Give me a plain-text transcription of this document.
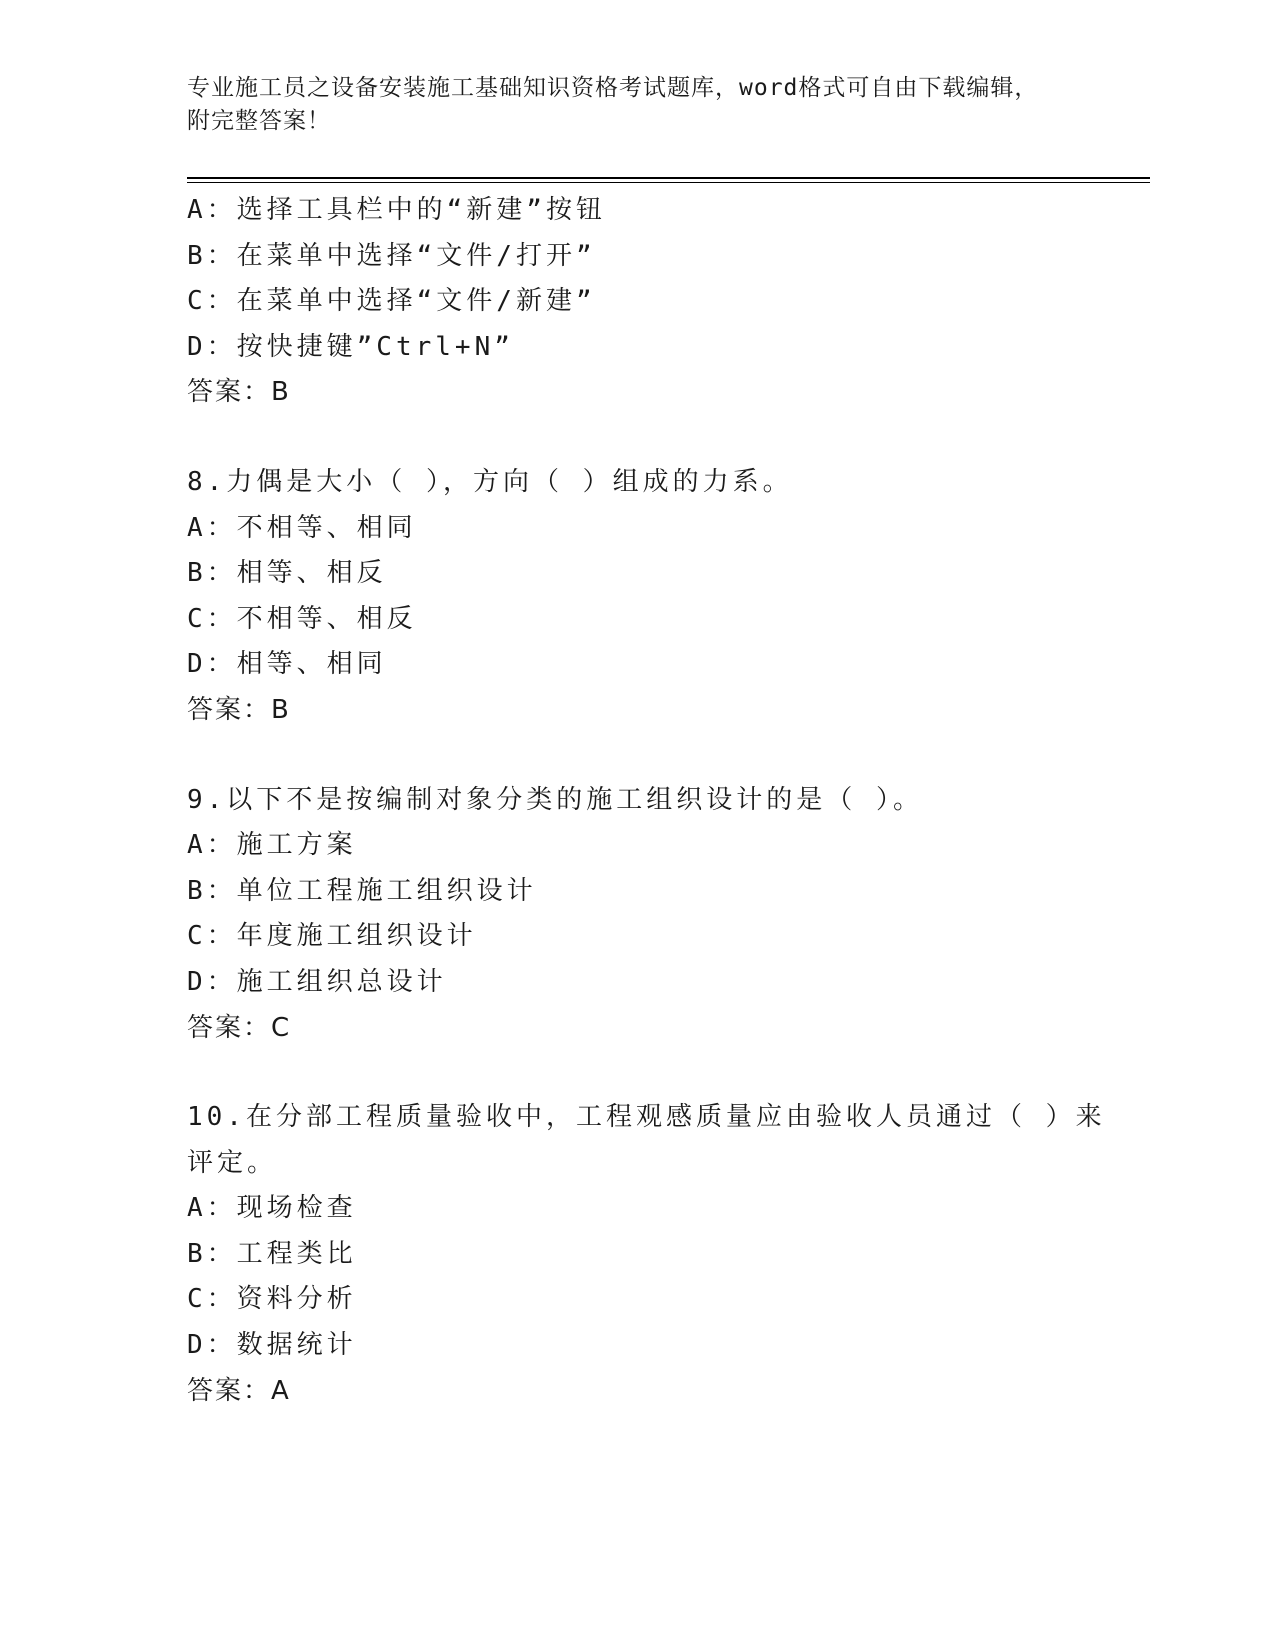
专业施工员之设备安装施工基础知识资格考试题库，word格式可自由下载编辑，
附完整答案！
A：选择工具栏中的“新建”按钮
B：在菜单中选择“文件/打开”
C：在菜单中选择“文件/新建”
D：按快捷键”Ctrl+N”
答案：B
8.力偶是大小（ ），方向（ ）组成的力系。
A：不相等、相同
B：相等、相反
C：不相等、相反
D：相等、相同
答案：B
9.以下不是按编制对象分类的施工组织设计的是（ ）。
A：施工方案
B：单位工程施工组织设计
C：年度施工组织设计
D：施工组织总设计
答案：C
10.在分部工程质量验收中，工程观感质量应由验收人员通过（ ）来
评定。
A：现场检查
B：工程类比
C：资料分析
D：数据统计
答案：A
